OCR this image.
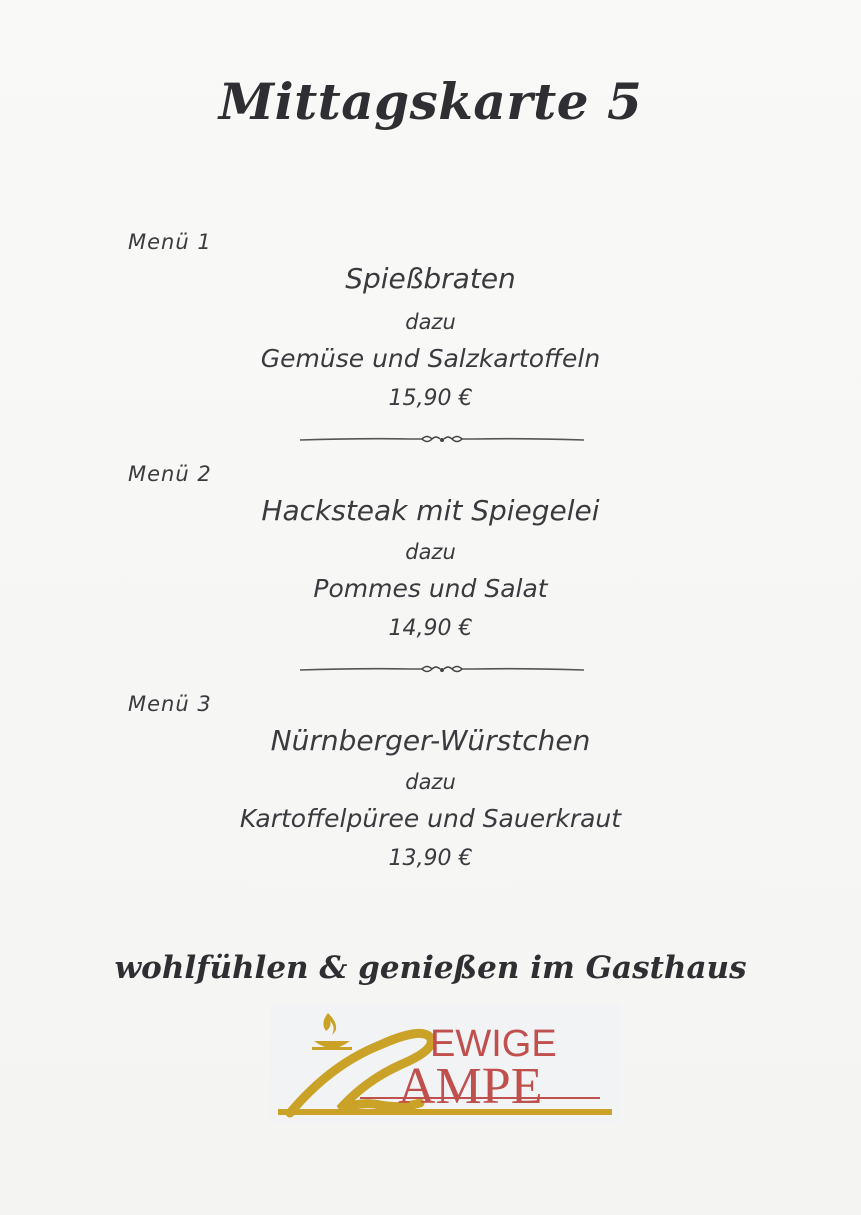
Mittagskarte 5
Menü 1
Spießbraten
dazu
Gemüse und Salzkartoffeln
15,90 €
Menü 2
Hacksteak mit Spiegelei
dazu
Pommes und Salat
14,90 €
Menü 3
Nürnberger-Würstchen
dazu
Kartoffelpüree und Sauerkraut
13,90 €
wohlfühlen & genießen im Gasthaus
EWIGE
AMPE
